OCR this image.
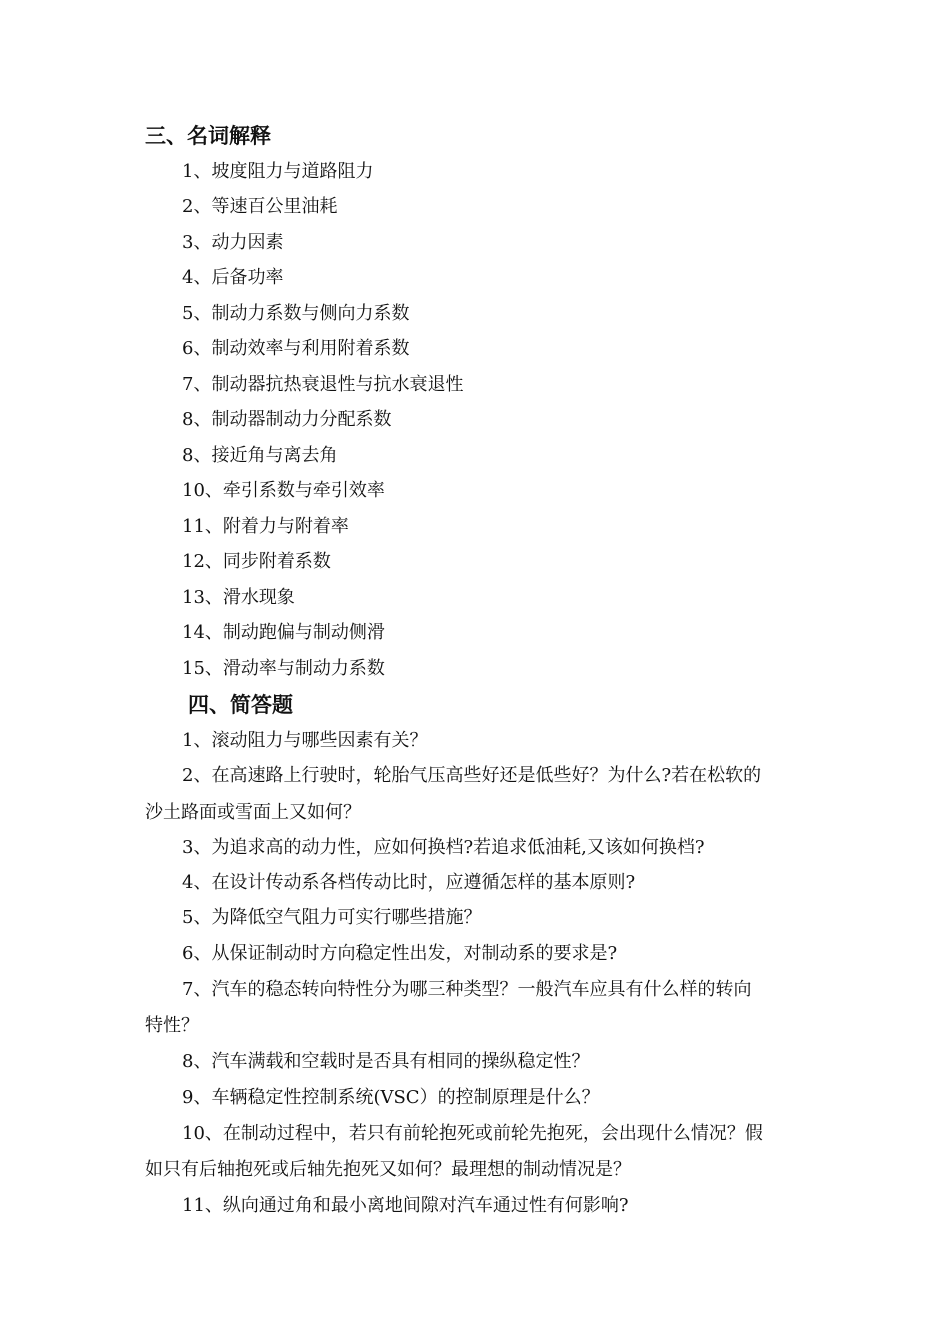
三、名词解释
1、坡度阻力与道路阻力
2、等速百公里油耗
3、动力因素
4、后备功率
5、制动力系数与侧向力系数
6、制动效率与利用附着系数
7、制动器抗热衰退性与抗水衰退性
8、制动器制动力分配系数
8、接近角与离去角
10、牵引系数与牵引效率
11、附着力与附着率
12、同步附着系数
13、滑水现象
14、制动跑偏与制动侧滑
15、滑动率与制动力系数
四、简答题
1、滚动阻力与哪些因素有关？
2、在高速路上行驶时，轮胎气压高些好还是低些好？为什么?若在松软的
沙土路面或雪面上又如何？
3、为追求高的动力性，应如何换档?若追求低油耗,又该如何换档?
4、在设计传动系各档传动比时，应遵循怎样的基本原则?
5、为降低空气阻力可实行哪些措施？
6、从保证制动时方向稳定性出发，对制动系的要求是?
7、汽车的稳态转向特性分为哪三种类型？一般汽车应具有什么样的转向
特性？
8、汽车满载和空载时是否具有相同的操纵稳定性？
9、车辆稳定性控制系统(VSC）的控制原理是什么？
10、在制动过程中，若只有前轮抱死或前轮先抱死，会出现什么情况？假
如只有后轴抱死或后轴先抱死又如何？最理想的制动情况是？
11、纵向通过角和最小离地间隙对汽车通过性有何影响?
